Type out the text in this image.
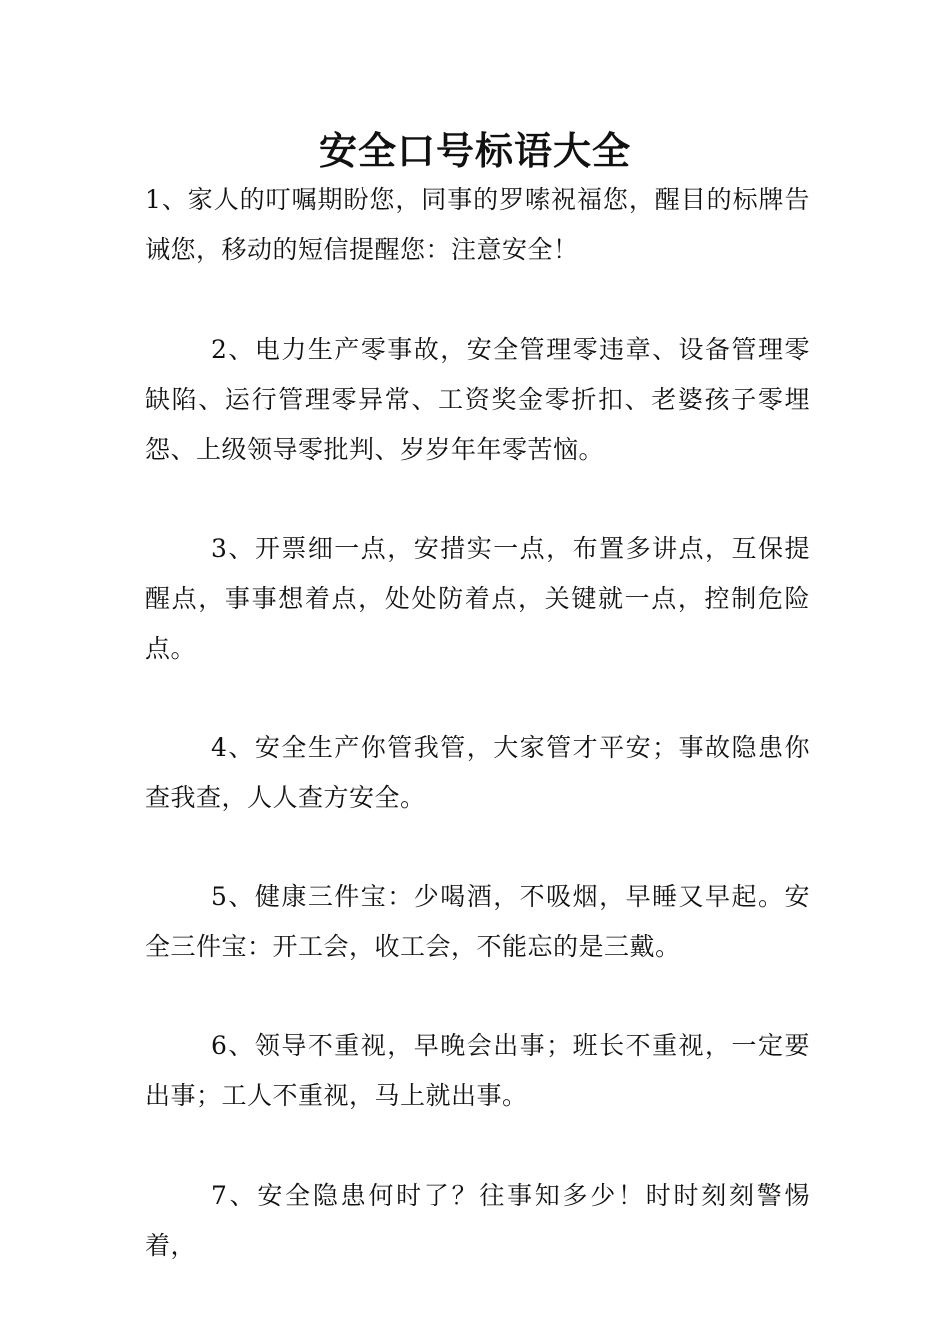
安全口号标语大全

1、家人的叮嘱期盼您，同事的罗嗦祝福您，醒目的标牌告诫您，移动的短信提醒您：注意安全！

2、电力生产零事故，安全管理零违章、设备管理零缺陷、运行管理零异常、工资奖金零折扣、老婆孩子零埋怨、上级领导零批判、岁岁年年零苦恼。

3、开票细一点，安措实一点，布置多讲点，互保提醒点，事事想着点，处处防着点，关键就一点，控制危险点。

4、安全生产你管我管，大家管才平安；事故隐患你查我查，人人查方安全。

5、健康三件宝：少喝酒，不吸烟，早睡又早起。安全三件宝：开工会，收工会，不能忘的是三戴。

6、领导不重视，早晚会出事；班长不重视，一定要出事；工人不重视，马上就出事。

7、安全隐患何时了？往事知多少！时时刻刻警惕着，
